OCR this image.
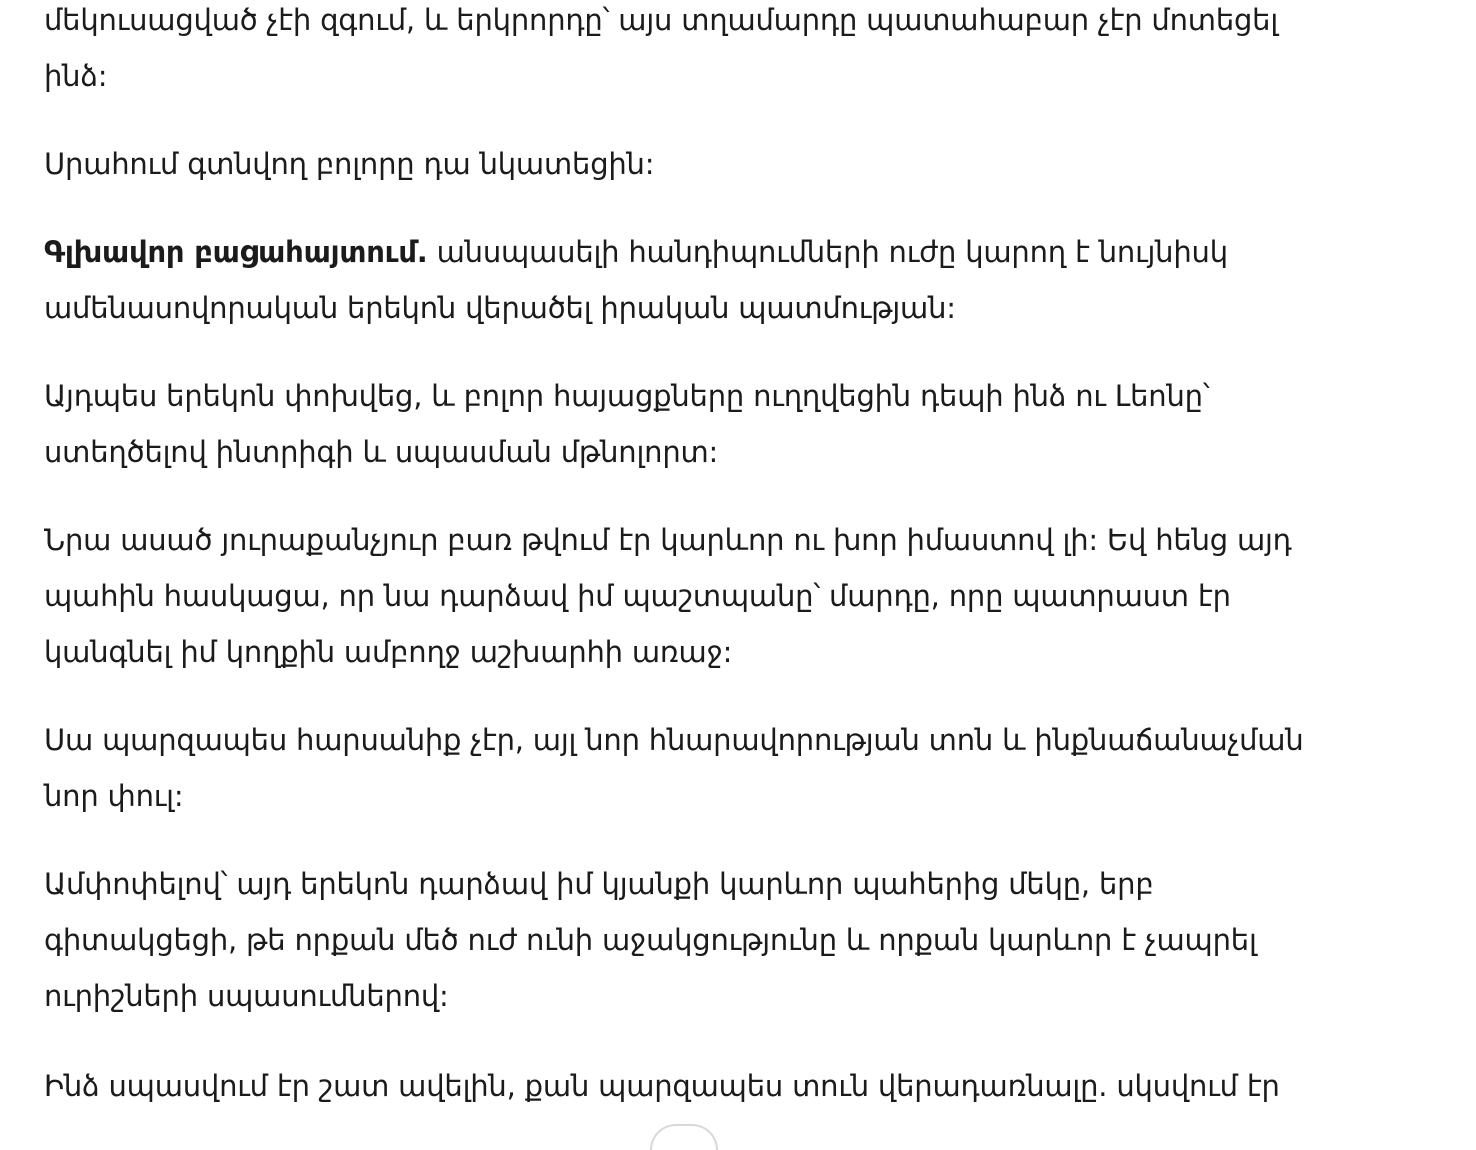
մեկուսացված չէի զգում, և երկրորդը՝ այս տղամարդը պատահաբար չէր մոտեցել
ինձ:

Սրահում գտնվող բոլորը դա նկատեցին:

Գլխավոր բացահայտում. անսպասելի հանդիպումների ուժը կարող է նույնիսկ
ամենասովորական երեկոն վերածել իրական պատմության:

Այդպես երեկոն փոխվեց, և բոլոր հայացքները ուղղվեցին դեպի ինձ ու Լեոնը՝
ստեղծելով ինտրիգի և սպասման մթնոլորտ:

Նրա ասած յուրաքանչյուր բառ թվում էր կարևոր ու խոր իմաստով լի: Եվ հենց այդ
պահին հասկացա, որ նա դարձավ իմ պաշտպանը՝ մարդը, որը պատրաստ էր
կանգնել իմ կողքին ամբողջ աշխարհի առաջ:

Սա պարզապես հարսանիք չէր, այլ նոր հնարավորության տոն և ինքնաճանաչման
նոր փուլ:

Ամփոփելով՝ այդ երեկոն դարձավ իմ կյանքի կարևոր պահերից մեկը, երբ
գիտակցեցի, թե որքան մեծ ուժ ունի աջակցությունը և որքան կարևոր է չապրել
ուրիշների սպասումներով:

Ինձ սպասվում էր շատ ավելին, քան պարզապես տուն վերադառնալը. սկսվում էր
